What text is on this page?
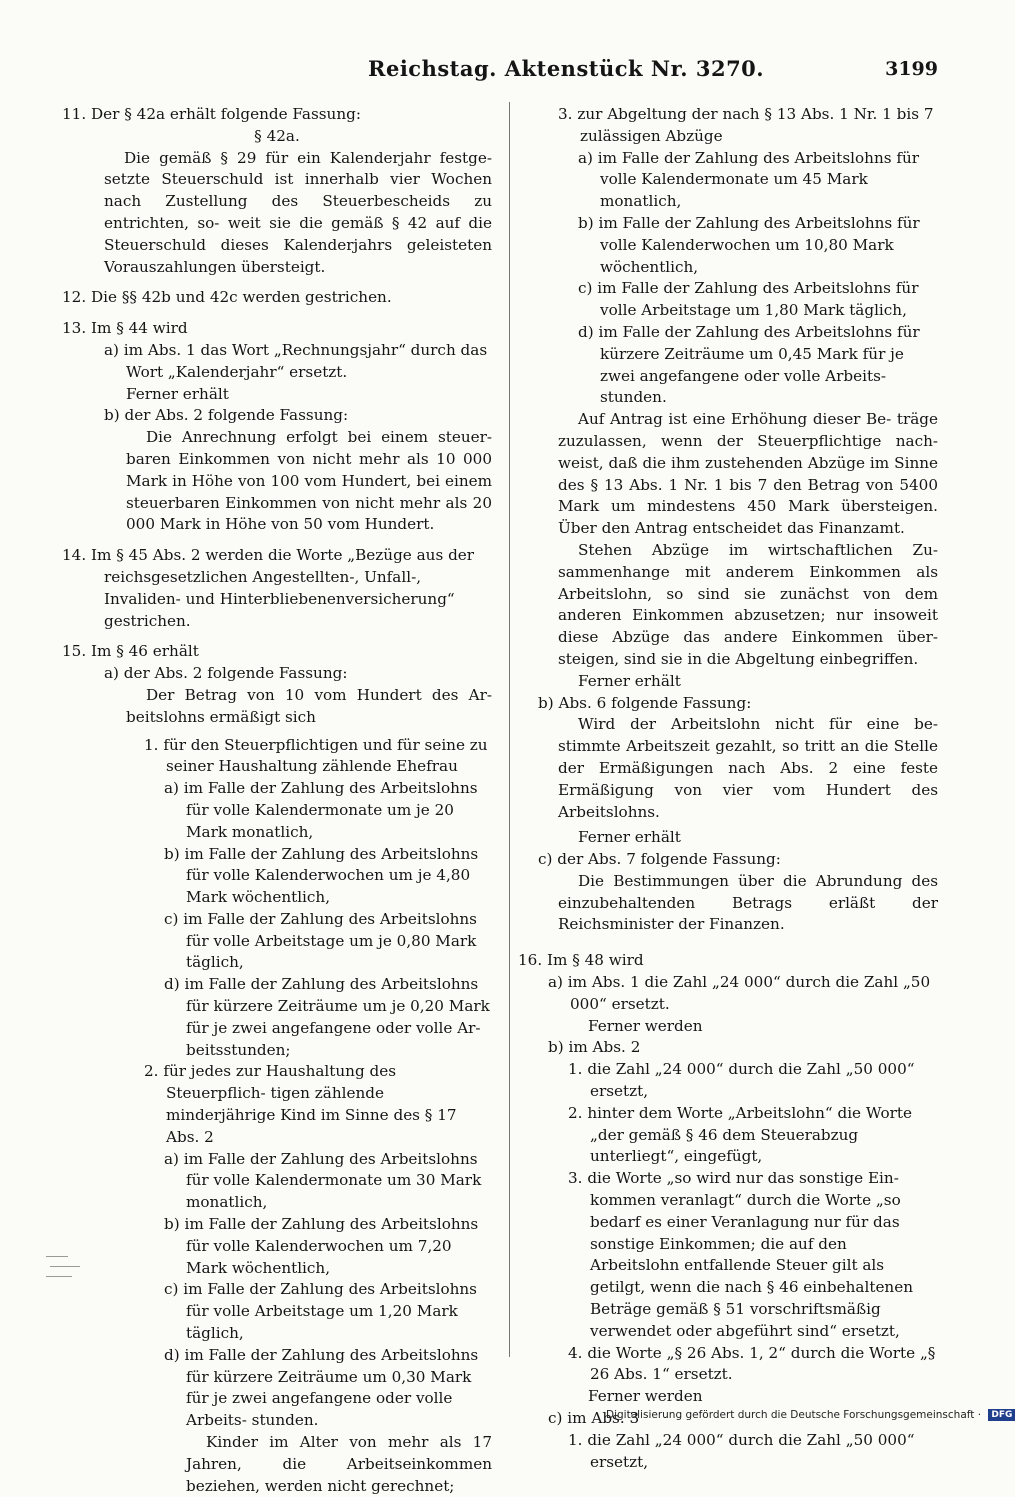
Reichstag. Aktenstück Nr. 3270.	3199

11. Der § 42a erhält folgende Fassung:

§ 42a.

Die gemäß § 29 für ein Kalenderjahr festge- setzte Steuerschuld ist innerhalb vier Wochen nach Zustellung des Steuerbescheids zu entrichten, so- weit sie die gemäß § 42 auf die Steuerschuld dieses Kalenderjahrs geleisteten Vorauszahlungen übersteigt.

12. Die §§ 42b und 42c werden gestrichen.

13. Im § 44 wird

a) im Abs. 1 das Wort „Rechnungsjahr“ durch das Wort „Kalenderjahr“ ersetzt.

Ferner erhält

b) der Abs. 2 folgende Fassung:

Die Anrechnung erfolgt bei einem steuer- baren Einkommen von nicht mehr als 10 000 Mark in Höhe von 100 vom Hundert, bei einem steuerbaren Einkommen von nicht mehr als 20 000 Mark in Höhe von 50 vom Hundert.

14. Im § 45 Abs. 2 werden die Worte „Bezüge aus der reichsgesetzlichen Angestellten-, Unfall-, Invaliden- und Hinterbliebenenversicherung“ gestrichen.

15. Im § 46 erhält

a) der Abs. 2 folgende Fassung:

Der Betrag von 10 vom Hundert des Ar- beitslohns ermäßigt sich

1. für den Steuerpflichtigen und für seine zu seiner Haushaltung zählende Ehefrau

a) im Falle der Zahlung des Arbeitslohns für volle Kalendermonate um je 20 Mark monatlich,

b) im Falle der Zahlung des Arbeitslohns für volle Kalenderwochen um je 4,80 Mark wöchentlich,

c) im Falle der Zahlung des Arbeitslohns für volle Arbeitstage um je 0,80 Mark täglich,

d) im Falle der Zahlung des Arbeitslohns für kürzere Zeiträume um je 0,20 Mark für je zwei angefangene oder volle Ar- beitsstunden;

2. für jedes zur Haushaltung des Steuerpflich- tigen zählende minderjährige Kind im Sinne des § 17 Abs. 2

a) im Falle der Zahlung des Arbeitslohns für volle Kalendermonate um 30 Mark monatlich,

b) im Falle der Zahlung des Arbeitslohns für volle Kalenderwochen um 7,20 Mark wöchentlich,

c) im Falle der Zahlung des Arbeitslohns für volle Arbeitstage um 1,20 Mark täglich,

d) im Falle der Zahlung des Arbeitslohns für kürzere Zeiträume um 0,30 Mark für je zwei angefangene oder volle Arbeits- stunden.

Kinder im Alter von mehr als 17 Jahren, die Arbeitseinkommen beziehen, werden nicht gerechnet;

3. zur Abgeltung der nach § 13 Abs. 1 Nr. 1 bis 7 zulässigen Abzüge

a) im Falle der Zahlung des Arbeitslohns für volle Kalendermonate um 45 Mark monatlich,

b) im Falle der Zahlung des Arbeitslohns für volle Kalenderwochen um 10,80 Mark wöchentlich,

c) im Falle der Zahlung des Arbeitslohns für volle Arbeitstage um 1,80 Mark täglich,

d) im Falle der Zahlung des Arbeitslohns für kürzere Zeiträume um 0,45 Mark für je zwei angefangene oder volle Arbeits- stunden.

Auf Antrag ist eine Erhöhung dieser Be- träge zuzulassen, wenn der Steuerpflichtige nach- weist, daß die ihm zustehenden Abzüge im Sinne des § 13 Abs. 1 Nr. 1 bis 7 den Betrag von 5400 Mark um mindestens 450 Mark übersteigen. Über den Antrag entscheidet das Finanzamt.

Stehen Abzüge im wirtschaftlichen Zu- sammenhange mit anderem Einkommen als Arbeitslohn, so sind sie zunächst von dem anderen Einkommen abzusetzen; nur insoweit diese Abzüge das andere Einkommen über- steigen, sind sie in die Abgeltung einbegriffen.

Ferner erhält

b) Abs. 6 folgende Fassung:

Wird der Arbeitslohn nicht für eine be- stimmte Arbeitszeit gezahlt, so tritt an die Stelle der Ermäßigungen nach Abs. 2 eine feste Ermäßigung von vier vom Hundert des Arbeitslohns.

Ferner erhält

c) der Abs. 7 folgende Fassung:

Die Bestimmungen über die Abrundung des einzubehaltenden Betrags erläßt der Reichsminister der Finanzen.

16. Im § 48 wird

a) im Abs. 1 die Zahl „24 000“ durch die Zahl „50 000“ ersetzt.

Ferner werden

b) im Abs. 2

1. die Zahl „24 000“ durch die Zahl „50 000“ ersetzt,

2. hinter dem Worte „Arbeitslohn“ die Worte „der gemäß § 46 dem Steuerabzug unterliegt“, eingefügt,

3. die Worte „so wird nur das sonstige Ein- kommen veranlagt“ durch die Worte „so bedarf es einer Veranlagung nur für das sonstige Einkommen; die auf den Arbeitslohn entfallende Steuer gilt als getilgt, wenn die nach § 46 einbehaltenen Beträge gemäß § 51 vorschriftsmäßig verwendet oder abgeführt sind“ ersetzt,

4. die Worte „§ 26 Abs. 1, 2“ durch die Worte „§ 26 Abs. 1“ ersetzt.

Ferner werden

c) im Abs. 3

1. die Zahl „24 000“ durch die Zahl „50 000“ ersetzt,

Digitalisierung gefördert durch die Deutsche Forschungsgemeinschaft · DFG
